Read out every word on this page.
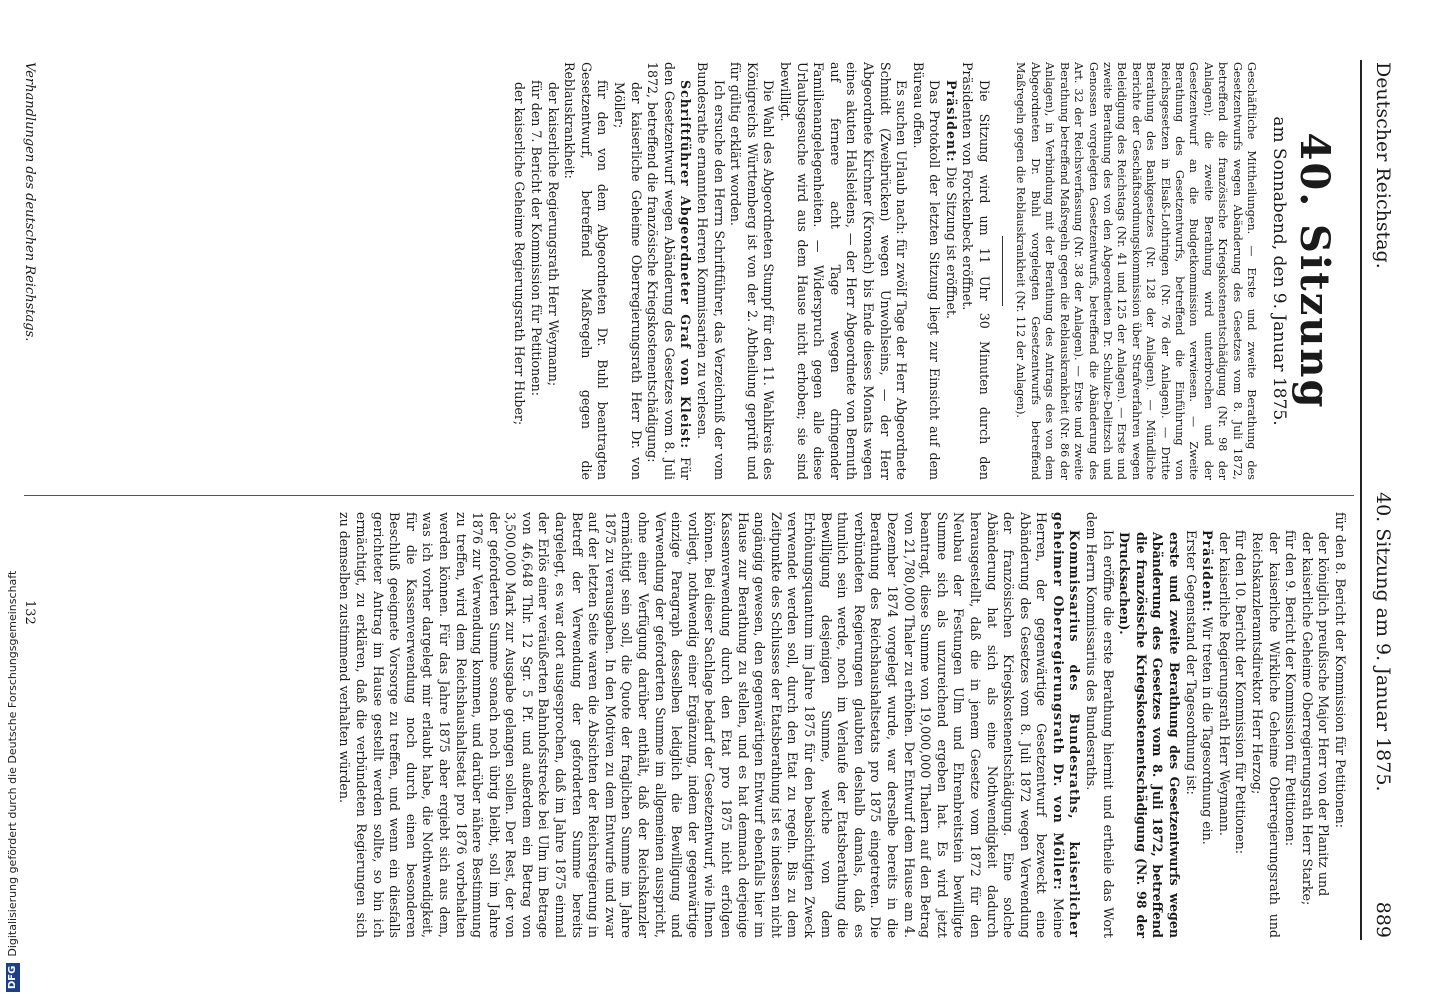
Deutscher Reichstag.
40. Sitzung am 9. Januar 1875.
889
40. Sitzung
am Sonnabend, den 9. Januar 1875.
Geschäftliche Mittheilungen. — Erste und zweite Berathung des Gesetzentwurfs wegen Abänderung des Gesetzes vom 8. Juli 1872, betreffend die französische Kriegskostenentschädigung (Nr. 98 der Anlagen); die zweite Berathung wird unterbrochen und der Gesetzentwurf an die Budgetkommission verwiesen. — Zweite Berathung des Gesetzentwurfs, betreffend die Einführung von Reichsgesetzen in Elsaß-Lothringen (Nr. 76 der Anlagen). — Dritte Berathung des Bankgesetzes (Nr. 128 der Anlagen). — Mündliche Berichte der Geschäftsordnungskommission über Strafverfahren wegen Beleidigung des Reichstags (Nr. 41 und 125 der Anlagen). — Erste und zweite Berathung des von den Abgeordneten Dr. Schulze-Delitzsch und Genossen vorgelegten Gesetzentwurfs, betreffend die Abänderung des Art. 32 der Reichsverfassung (Nr. 38 der Anlagen). — Erste und zweite Berathung betreffend Maßregeln gegen die Reblauskrankheit (Nr. 86 der Anlagen), in Verbindung mit der Berathung des Antrags des von dem Abgeordneten Dr. Buhl vorgelegten Gesetzentwurfs betreffend Maßregeln gegen die Reblauskrankheit (Nr. 112 der Anlagen).

Die Sitzung wird um 11 Uhr 30 Minuten durch den Präsidenten von Forckenbeck eröffnet.

Präsident: Die Sitzung ist eröffnet.

Das Protokoll der letzten Sitzung liegt zur Einsicht auf dem Büreau offen.

Es suchen Urlaub nach: für zwölf Tage der Herr Abgeordnete Schmidt (Zweibrücken) wegen Unwohlseins, — der Herr Abgeordnete Kirchner (Kronach) bis Ende dieses Monats wegen eines akuten Halsleidens, — der Herr Abgeordnete von Bernuth auf fernere acht Tage wegen dringender Familienangelegenheiten. — Widerspruch gegen alle diese Urlaubsgesuche wird aus dem Hause nicht erhoben; sie sind bewilligt.

Die Wahl des Abgeordneten Stumpf für den 11. Wahlkreis des Königreichs Württemberg ist von der 2. Abtheilung geprüft und für gültig erklärt worden.

Ich ersuche den Herrn Schriftführer, das Verzeichniß der vom Bundesrathe ernannten Herren Kommissarien zu verlesen.

Schriftführer Abgeordneter Graf von Kleist: Für den Gesetzentwurf wegen Abänderung des Gesetzes vom 8. Juli 1872, betreffend die französische Kriegskostenentschädigung:

der kaiserliche Geheime Oberregierungsrath Herr Dr. von Möller;

für den von dem Abgeordneten Dr. Buhl beantragten Gesetzentwurf, betreffend Maßregeln gegen die Reblauskrankheit:

der kaiserliche Regierungsrath Herr Weymann;

für den 7. Bericht der Kommission für Petitionen:

der kaiserliche Geheime Regierungsrath Herr Huber;

für den 8. Bericht der Kommission für Petitionen:

der königlich preußische Major Herr von der Planitz und

der kaiserliche Geheime Oberregierungsrath Herr Starke;

für den 9. Bericht der Kommission für Petitionen:

der kaiserliche Wirkliche Geheime Oberregierungsrath und Reichskanzleramtsdirektor Herr Herzog;

für den 10. Bericht der Kommission für Petitionen:

der kaiserliche Regierungsrath Herr Weymann.

Präsident: Wir treten in die Tagesordnung ein.

Erster Gegenstand der Tagesordnung ist:

erste und zweite Berathung des Gesetzentwurfs wegen Abänderung des Gesetzes vom 8. Juli 1872, betreffend die französische Kriegskostenentschädigung (Nr. 98 der Drucksachen).

Ich eröffne die erste Berathung hiermit und ertheile das Wort dem Herrn Kommissarius des Bundesraths.

Kommissarius des Bundesraths, kaiserlicher geheimer Oberregierungsrath Dr. von Möller: Meine Herren, der gegenwärtige Gesetzentwurf bezweckt eine Abänderung des Gesetzes vom 8. Juli 1872 wegen Verwendung der französischen Kriegskostenentschädigung. Eine solche Abänderung hat sich als eine Nothwendigkeit dadurch herausgestellt, daß die in jenem Gesetze vom 1872 für den Neubau der Festungen Ulm und Ehrenbreitstein bewilligte Summe sich als unzureichend ergeben hat. Es wird jetzt beantragt, diese Summe von 19,000,000 Thalern auf den Betrag von 21,780,000 Thaler zu erhöhen. Der Entwurf dem Hause am 4. Dezember 1874 vorgelegt wurde, war derselbe bereits in die Berathung des Reichshaushaltsetats pro 1875 eingetreten. Die verbündeten Regierungen glaubten deshalb damals, daß es thunlich sein werde, noch im Verlaufe der Etatsberathung die Bewilligung desjenigen Summe, welche von dem Erhöhungsquantum im Jahre 1875 für den beabsichtigten Zweck verwendet werden soll, durch den Etat zu regeln. Bis zu dem Zeitpunkte des Schlusses der Etatsberathung ist es indessen nicht angängig gewesen, den gegenwärtigen Entwurf ebenfalls hier im Hause zur Berathung zu stellen, und es hat demnach derjenige Kassenverwendung durch den Etat pro 1875 nicht erfolgen können. Bei dieser Sachlage bedarf der Gesetzentwurf, wie Ihnen vorliegt, nothwendig einer Ergänzung, indem der gegenwärtige einzige Paragraph desselben lediglich die Bewilligung und Verwendung der geforderten Summe im allgemeinen ausspricht, ohne einer Verfügung darüber enthält, daß der Reichskanzler ermächtigt sein soll, die Quote der fraglichen Summe im Jahre 1875 zu verausgaben. In den Motiven zu dem Entwurfe und zwar auf der letzten Seite waren die Absichten der Reichsregierung in Betreff der Verwendung der geforderten Summe bereits dargelegt, es war dort ausgesprochen, daß im Jahre 1875 einmal der Erlös einer veräußerten Bahnhofsstrecke bei Ulm im Betrage von 46,648 Thlr. 12 Sgr. 5 Pf. und außerdem ein Betrag von 3,500,000 Mark zur Ausgabe gelangen sollen. Der Rest, der von der geforderten Summe sonach noch übrig bleibt, soll im Jahre 1876 zur Verwendung kommen, und darüber nähere Bestimmung zu treffen, wird dem Reichshaushaltsetat pro 1876 vorbehalten werden können. Für das Jahre 1875 aber ergiebt sich aus dem, was ich vorher dargelegt mir erlaubt habe, die Nothwendigkeit, für die Kassenverwendung noch durch einen besonderen Beschluß geeignete Vorsorge zu treffen, und wenn ein diesfalls gerichteter Antrag im Hause gestellt werden sollte, so bin ich ermächtigt, zu erklären, daß die verbündeten Regierungen sich zu demselben zustimmend verhalten würden.

Verhandlungen des deutschen Reichstags.
132
DFGDigitalisierung gefördert durch die Deutsche Forschungsgemeinschaft
